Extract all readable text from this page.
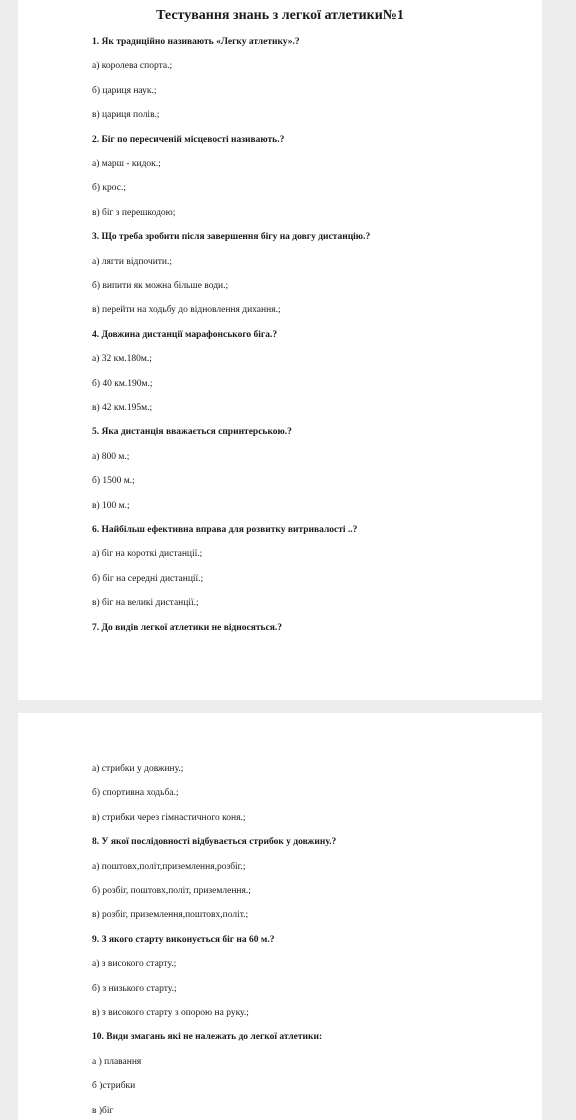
Тестування знань з легкої атлетики№1
1. Як традиційно називають «Легку атлетику».?
а) королева спорта.;
б) цариця наук.;
в) цариця полів.;
2. Біг по пересиченій місцевості називають.?
а) марш - кидок.;
б) крос.;
в) біг з перешкодою;
3. Що треба зробити після завершення бігу на довгу дистанцію.?
а) лягти відпочити.;
б) випити як можна більше води.;
в) перейти на ходьбу до відновлення дихання.;
4. Довжина дистанції марафонського біга.?
а) 32 км.180м.;
б) 40 км.190м.;
в) 42 км.195м.;
5. Яка дистанція вважається спринтерською.?
а) 800 м.;
б) 1500 м.;
в) 100 м.;
6. Найбільш ефективна вправа для розвитку витривалості ..?
а) біг на короткі дистанції.;
б) біг на середні дистанції.;
в) біг на великі дистанції.;
7. До видів легкої атлетики не відносяться.?
а) стрибки у довжину.;
б) спортивна ходьба.;
в) стрибки через гімнастичного коня.;
8. У якої послідовності відбувається стрибок у довжину.?
а) поштовх,політ,приземлення,розбіг.;
б) розбіг, поштовх,політ, приземлення.;
в) розбіг, приземлення,поштовх,політ.;
9. З якого старту виконується біг на 60 м.?
а) з високого старту.;
б) з низького старту.;
в) з високого старту з опорою на руку.;
10. Види змагань які не належать до легкої атлетики:
а ) плавання
б )стрибки
в )біг
